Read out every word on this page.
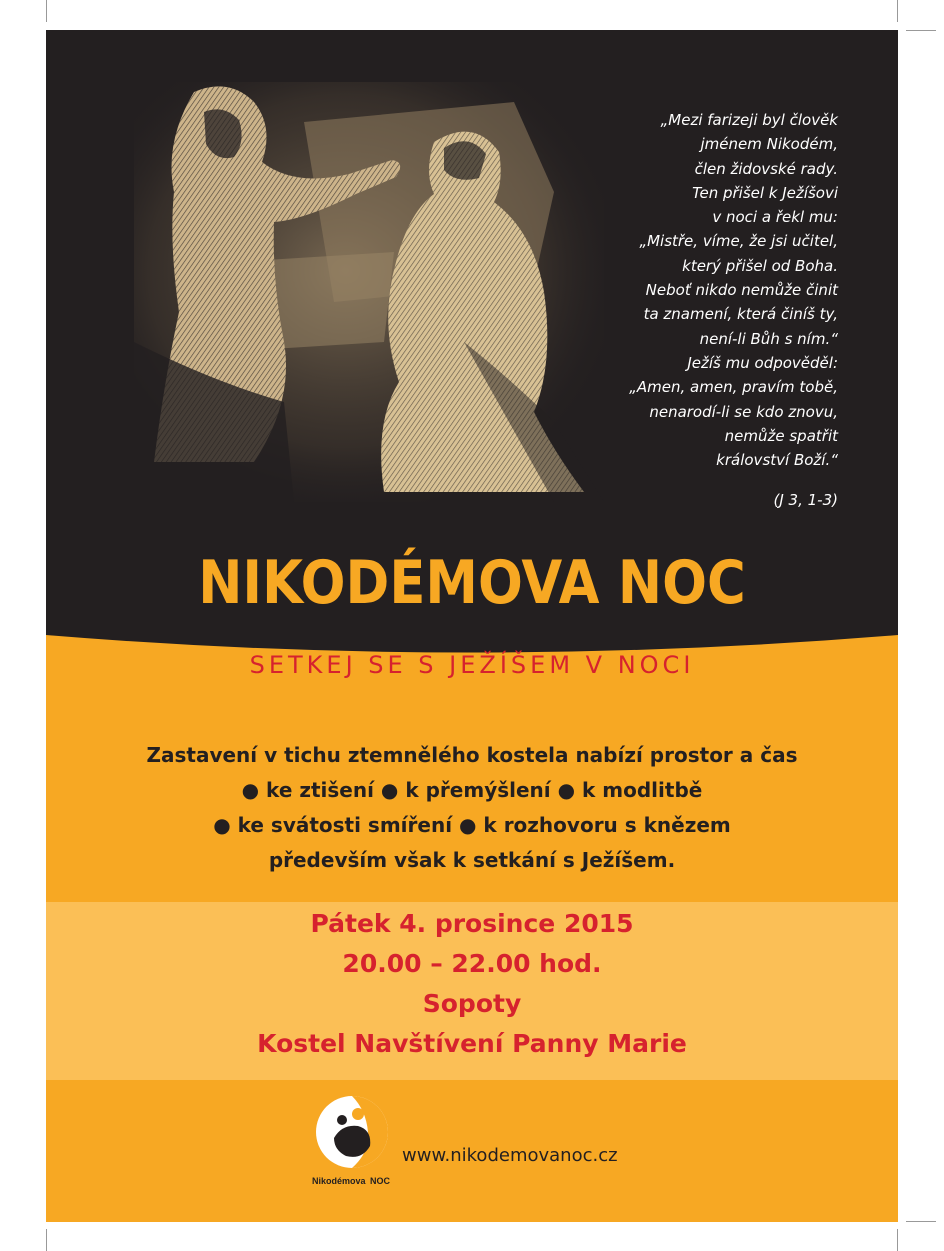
„Mezi farizeji byl člověk
jménem Nikodém,
člen židovské rady.
Ten přišel k Ježíšovi
v noci a řekl mu:
„Mistře, víme, že jsi učitel,
který přišel od Boha.
Neboť nikdo nemůže činit
ta znamení, která činíš ty,
není-li Bůh s ním.“
Ježíš mu odpověděl:
„Amen, amen, pravím tobě,
nenarodí-li se kdo znovu,
nemůže spatřit
království Boží.“
(J 3, 1-3)
NIKODÉMOVA NOC
SETKEJ SE S JEŽÍŠEM V NOCI
Zastavení v tichu ztemnělého kostela nabízí prostor a čas
● ke ztišení ● k přemýšlení ● k modlitbě
● ke svátosti smíření ● k rozhovoru s knězem
především však k setkání s Ježíšem.
Pátek 4. prosince 2015
20.00 – 22.00 hod.
Sopoty
Kostel Navštívení Panny Marie
Nikodémova NOC
www.nikodemovanoc.cz
